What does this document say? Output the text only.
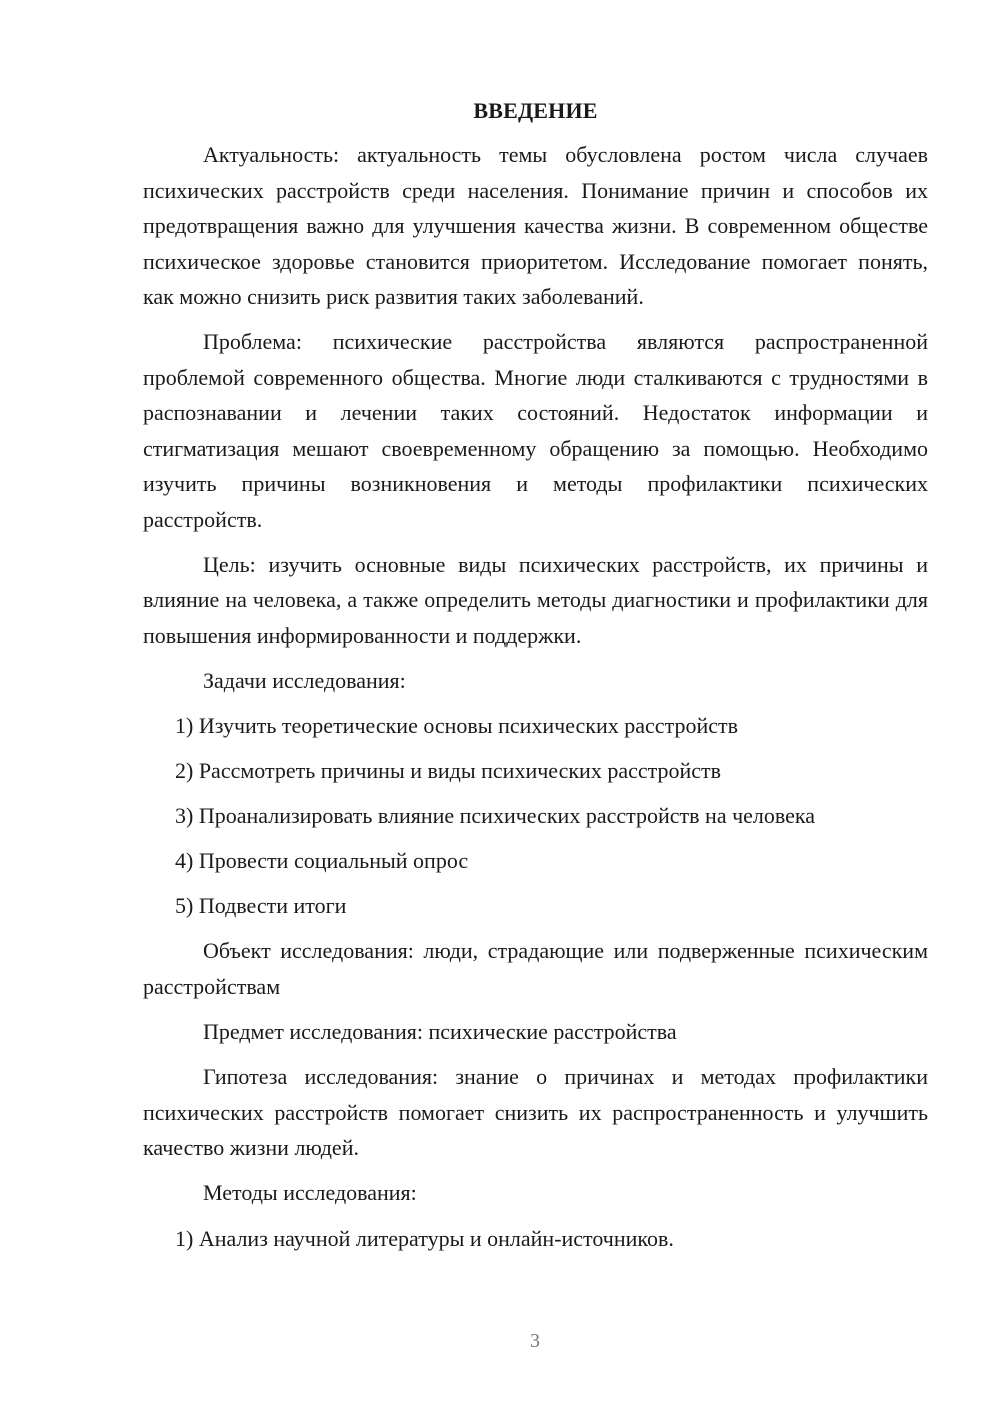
ВВЕДЕНИЕ

Актуальность: актуальность темы обусловлена ростом числа случаев психических расстройств среди населения. Понимание причин и способов их предотвращения важно для улучшения качества жизни. В современном обществе психическое здоровье становится приоритетом. Исследование помогает понять, как можно снизить риск развития таких заболеваний.

Проблема: психические расстройства являются распространенной проблемой современного общества. Многие люди сталкиваются с трудностями в распознавании и лечении таких состояний. Недостаток информации и стигматизация мешают своевременному обращению за помощью. Необходимо изучить причины возникновения и методы профилактики психических расстройств.

Цель: изучить основные виды психических расстройств, их причины и влияние на человека, а также определить методы диагностики и профилактики для повышения информированности и поддержки.

Задачи исследования:

1) Изучить теоретические основы психических расстройств
2) Рассмотреть причины и виды психических расстройств
3) Проанализировать влияние психических расстройств на человека
4) Провести социальный опрос
5) Подвести итоги

Объект исследования: люди, страдающие или подверженные психическим расстройствам

Предмет исследования: психические расстройства

Гипотеза исследования: знание о причинах и методах профилактики психических расстройств помогает снизить их распространенность и улучшить качество жизни людей.

Методы исследования:

1) Анализ научной литературы и онлайн-источников.
3
